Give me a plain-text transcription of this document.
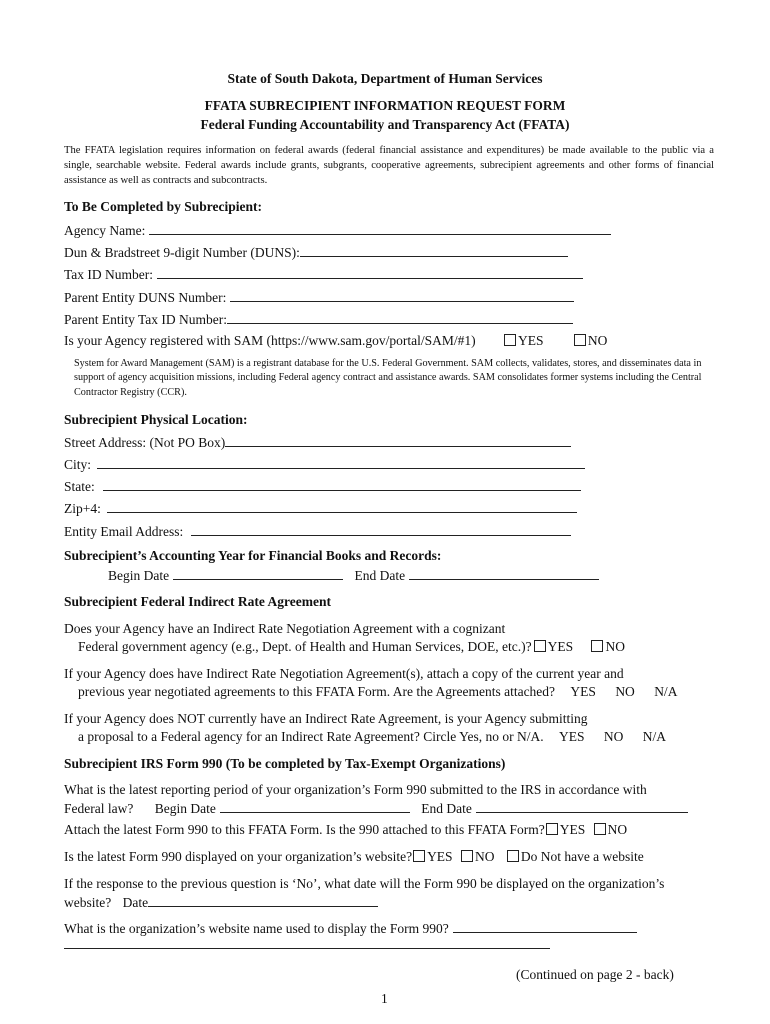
State of South Dakota, Department of Human Services
FFATA SUBRECIPIENT INFORMATION REQUEST FORM
Federal Funding Accountability and Transparency Act (FFATA)
The FFATA legislation requires information on federal awards (federal financial assistance and expenditures) be made available to the public via a single, searchable website. Federal awards include grants, subgrants, cooperative agreements, subrecipient agreements and other forms of financial assistance as well as contracts and subcontracts.
To Be Completed by Subrecipient:
Agency Name:
Dun & Bradstreet 9-digit Number (DUNS):
Tax ID Number:
Parent Entity DUNS Number:
Parent Entity Tax ID Number:
Is your Agency registered with SAM (https://www.sam.gov/portal/SAM/#1)	YES	NO
System for Award Management (SAM) is a registrant database for the U.S. Federal Government. SAM collects, validates, stores, and disseminates data in support of agency acquisition missions, including Federal agency contract and assistance awards. SAM consolidates former systems including the Central Contractor Registry (CCR).
Subrecipient Physical Location:
Street Address: (Not PO Box)
City:
State:
Zip+4:
Entity Email Address:
Subrecipient’s Accounting Year for Financial Books and Records:
Begin Date	End Date
Subrecipient Federal Indirect Rate Agreement
Does your Agency have an Indirect Rate Negotiation Agreement with a cognizant
Federal government agency (e.g., Dept. of Health and Human Services, DOE, etc.)? YES NO
If your Agency does have Indirect Rate Negotiation Agreement(s), attach a copy of the current year and
previous year negotiated agreements to this FFATA Form. Are the Agreements attached? YES NO N/A
If your Agency does NOT currently have an Indirect Rate Agreement, is your Agency submitting
a proposal to a Federal agency for an Indirect Rate Agreement? Circle Yes, no or N/A. YES NO N/A
Subrecipient IRS Form 990 (To be completed by Tax-Exempt Organizations)
What is the latest reporting period of your organization’s Form 990 submitted to the IRS in accordance with
Federal law? Begin Date	End Date
Attach the latest Form 990 to this FFATA Form. Is the 990 attached to this FFATA Form? YES NO
Is the latest Form 990 displayed on your organization’s website? YES NO Do Not have a website
If the response to the previous question is ‘No’, what date will the Form 990 be displayed on the organization’s
website? Date
What is the organization’s website name used to display the Form 990?
(Continued on page 2 - back)
1
